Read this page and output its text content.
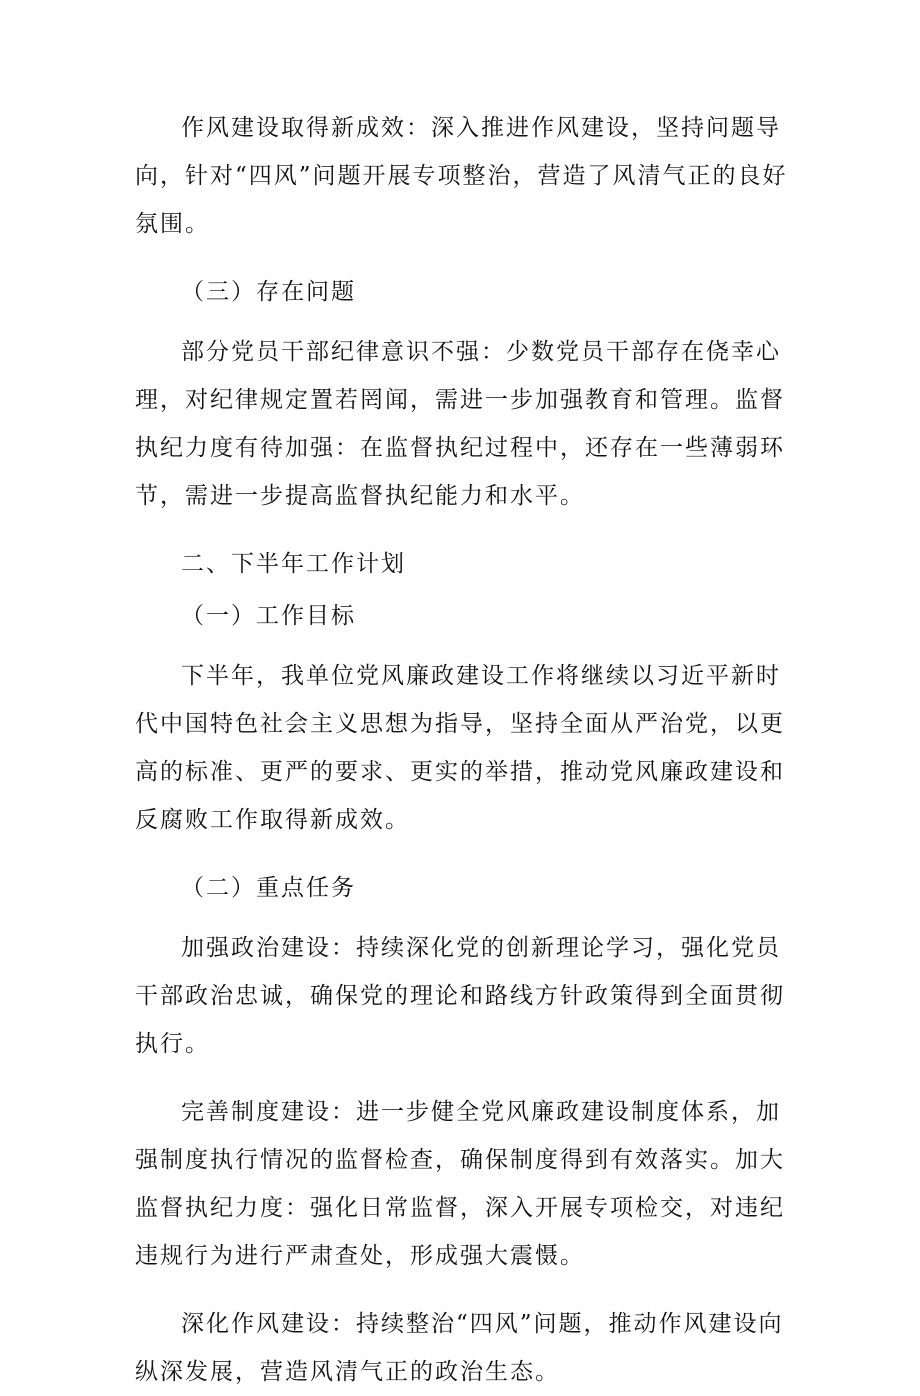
作风建设取得新成效：深入推进作风建设，坚持问题导向，针对“四风”问题开展专项整治，营造了风清气正的良好氛围。

（三）存在问题

部分党员干部纪律意识不强：少数党员干部存在侥幸心理，对纪律规定置若罔闻，需进一步加强教育和管理。监督执纪力度有待加强：在监督执纪过程中，还存在一些薄弱环节，需进一步提高监督执纪能力和水平。

二、下半年工作计划

（一）工作目标

下半年，我单位党风廉政建设工作将继续以习近平新时代中国特色社会主义思想为指导，坚持全面从严治党，以更高的标准、更严的要求、更实的举措，推动党风廉政建设和反腐败工作取得新成效。

（二）重点任务

加强政治建设：持续深化党的创新理论学习，强化党员干部政治忠诚，确保党的理论和路线方针政策得到全面贯彻执行。

完善制度建设：进一步健全党风廉政建设制度体系，加强制度执行情况的监督检查，确保制度得到有效落实。加大监督执纪力度：强化日常监督，深入开展专项检交，对违纪违规行为进行严肃查处，形成强大震慑。

深化作风建设：持续整治“四风”问题，推动作风建设向纵深发展，营造风清气正的政治生态。
